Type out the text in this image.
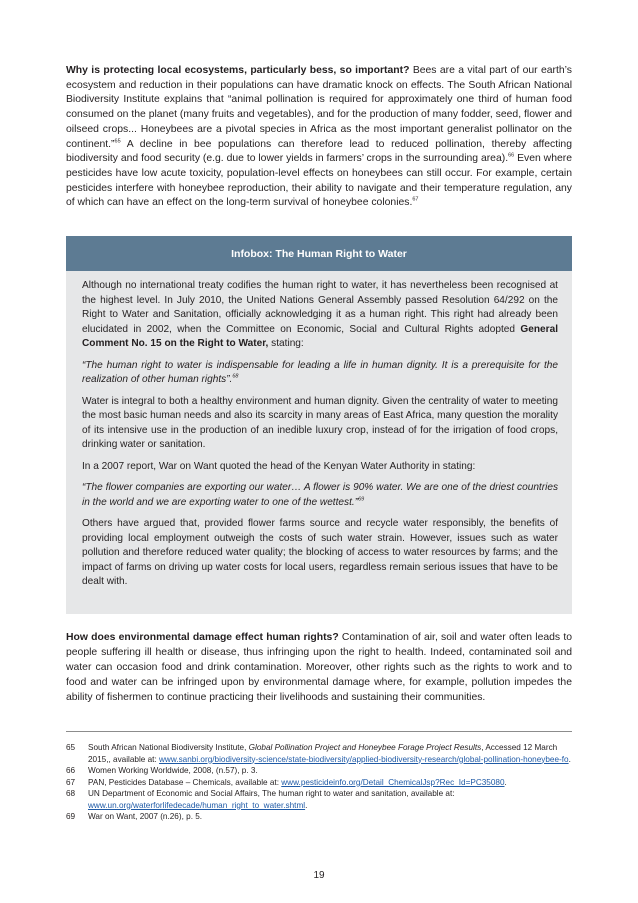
Why is protecting local ecosystems, particularly bess, so important? Bees are a vital part of our earth’s ecosystem and reduction in their populations can have dramatic knock on effects. The South African National Biodiversity Institute explains that “animal pollination is required for approximately one third of human food consumed on the planet (many fruits and vegetables), and for the production of many fodder, seed, flower and oilseed crops... Honeybees are a pivotal species in Africa as the most important generalist pollinator on the continent.”$^{65}$ A decline in bee populations can therefore lead to reduced pollination, thereby affecting biodiversity and food security (e.g. due to lower yields in farmers’ crops in the surrounding area).$^{66}$ Even where pesticides have low acute toxicity, population-level effects on honeybees can still occur. For example, certain pesticides interfere with honeybee reproduction, their ability to navigate and their temperature regulation, any of which can have an effect on the long-term survival of honeybee colonies.$^{67}$

Infobox: The Human Right to Water

Although no international treaty codifies the human right to water, it has nevertheless been recognised at the highest level. In July 2010, the United Nations General Assembly passed Resolution 64/292 on the Right to Water and Sanitation, officially acknowledging it as a human right. This right had already been elucidated in 2002, when the Committee on Economic, Social and Cultural Rights adopted General Comment No. 15 on the Right to Water, stating:

“The human right to water is indispensable for leading a life in human dignity. It is a prerequisite for the realization of other human rights”.$^{68}$

Water is integral to both a healthy environment and human dignity. Given the centrality of water to meeting the most basic human needs and also its scarcity in many areas of East Africa, many question the morality of its intensive use in the production of an inedible luxury crop, instead of for the irrigation of food crops, drinking water or sanitation.

In a 2007 report, War on Want quoted the head of the Kenyan Water Authority in stating:

“The flower companies are exporting our water… A flower is 90% water. We are one of the driest countries in the world and we are exporting water to one of the wettest.”$^{69}$

Others have argued that, provided flower farms source and recycle water responsibly, the benefits of providing local employment outweigh the costs of such water strain. However, issues such as water pollution and therefore reduced water quality; the blocking of access to water resources by farms; and the impact of farms on driving up water costs for local users, regardless remain serious issues that have to be dealt with.

How does environmental damage effect human rights? Contamination of air, soil and water often leads to people suffering ill health or disease, thus infringing upon the right to health. Indeed, contaminated soil and water can occasion food and drink contamination. Moreover, other rights such as the rights to work and to food and water can be infringed upon by environmental damage where, for example, pollution impedes the ability of fishermen to continue practicing their livelihoods and sustaining their communities.

65	South African National Biodiversity Institute, Global Pollination Project and Honeybee Forage Project Results, Accessed 12 March 2015,, available at: www.sanbi.org/biodiversity-science/state-biodiversity/applied-biodiversity-research/global-pollination-honeybee-fo.
66	Women Working Worldwide, 2008, (n.57), p. 3.
67	PAN, Pesticides Database – Chemicals, available at: www.pesticideinfo.org/Detail_ChemicalJsp?Rec_Id=PC35080.
68	UN Department of Economic and Social Affairs, The human right to water and sanitation, available at: www.un.org/waterforlifedecade/human_right_to_water.shtml.
69	War on Want, 2007 (n.26), p. 5.
19
